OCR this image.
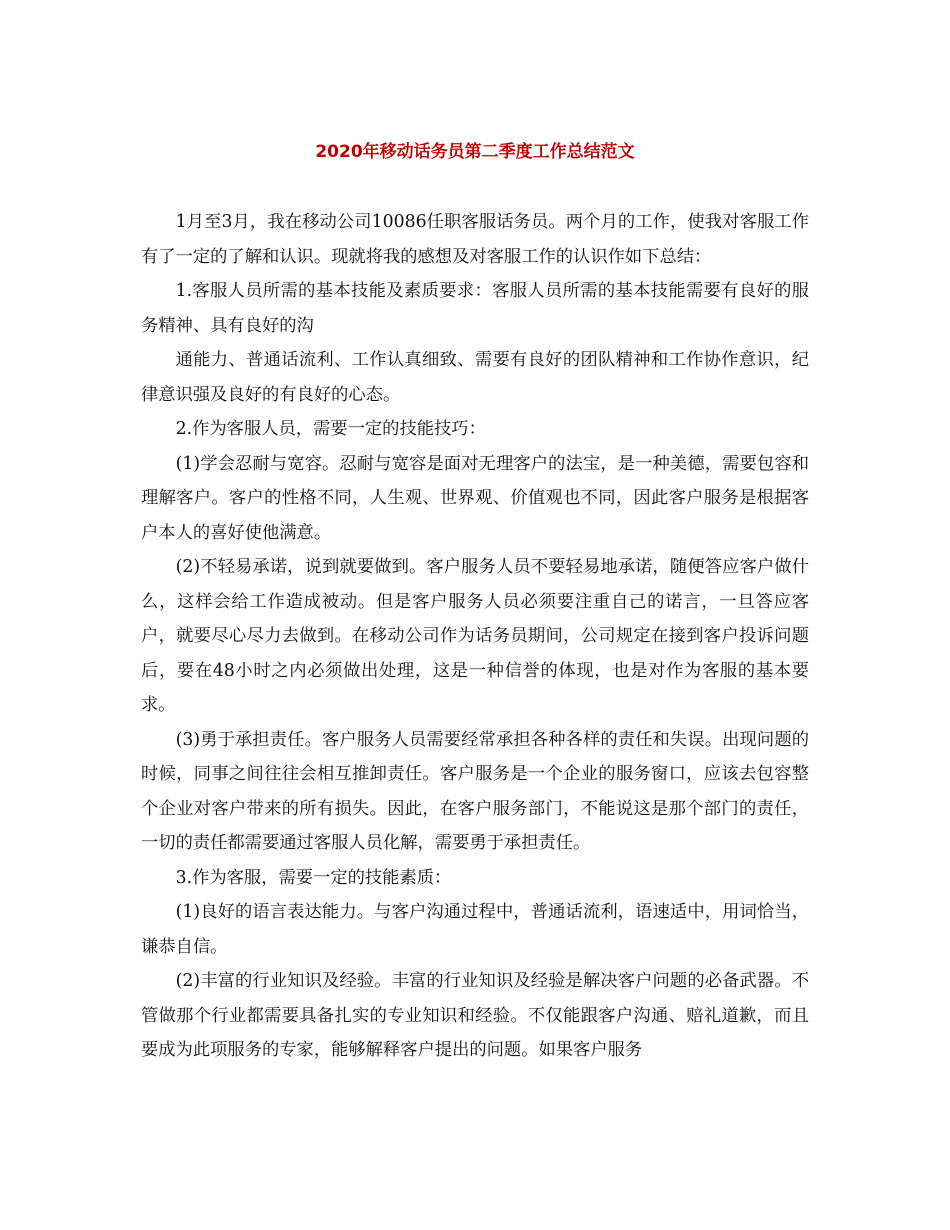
2020年移动话务员第二季度工作总结范文

1月至3月，我在移动公司10086任职客服话务员。两个月的工作，使我对客服工作有了一定的了解和认识。现就将我的感想及对客服工作的认识作如下总结：

1.客服人员所需的基本技能及素质要求：客服人员所需的基本技能需要有良好的服务精神、具有良好的沟

通能力、普通话流利、工作认真细致、需要有良好的团队精神和工作协作意识，纪律意识强及良好的有良好的心态。

2.作为客服人员，需要一定的技能技巧：

(1)学会忍耐与宽容。忍耐与宽容是面对无理客户的法宝，是一种美德，需要包容和理解客户。客户的性格不同，人生观、世界观、价值观也不同，因此客户服务是根据客户本人的喜好使他满意。

(2)不轻易承诺，说到就要做到。客户服务人员不要轻易地承诺，随便答应客户做什么，这样会给工作造成被动。但是客户服务人员必须要注重自己的诺言，一旦答应客户，就要尽心尽力去做到。在移动公司作为话务员期间，公司规定在接到客户投诉问题后，要在48小时之内必须做出处理，这是一种信誉的体现，也是对作为客服的基本要求。

(3)勇于承担责任。客户服务人员需要经常承担各种各样的责任和失误。出现问题的时候，同事之间往往会相互推卸责任。客户服务是一个企业的服务窗口，应该去包容整个企业对客户带来的所有损失。因此，在客户服务部门，不能说这是那个部门的责任，一切的责任都需要通过客服人员化解，需要勇于承担责任。

3.作为客服，需要一定的技能素质：

(1)良好的语言表达能力。与客户沟通过程中，普通话流利，语速适中，用词恰当，谦恭自信。

(2)丰富的行业知识及经验。丰富的行业知识及经验是解决客户问题的必备武器。不管做那个行业都需要具备扎实的专业知识和经验。不仅能跟客户沟通、赔礼道歉，而且要成为此项服务的专家，能够解释客户提出的问题。如果客户服务
